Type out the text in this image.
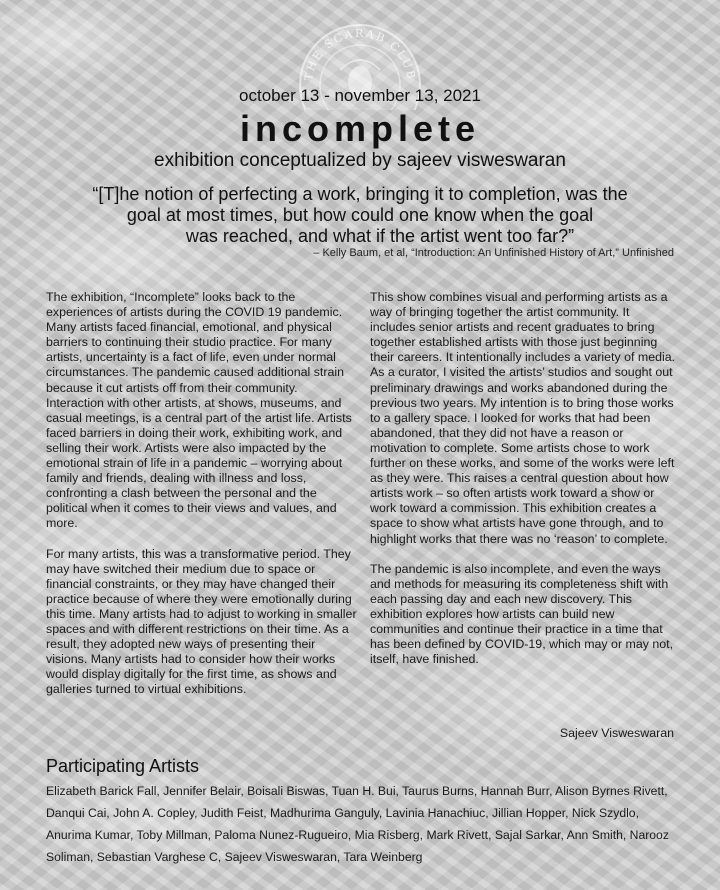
THE SCARAB CLUB
october 13 - november 13, 2021
incomplete
exhibition conceptualized by sajeev visweswaran
“[T]he notion of perfecting a work, bringing it to completion, was the
goal at most times, but how could one know when the goal
was reached, and what if the artist went too far?”
– Kelly Baum, et al, “Introduction: An Unfinished History of Art,” Unfinished

The exhibition, “Incomplete” looks back to the experiences of artists during the COVID 19 pandemic. Many artists faced financial, emotional, and physical barriers to continuing their studio practice. For many artists, uncertainty is a fact of life, even under normal circumstances. The pandemic caused additional strain because it cut artists off from their community. Interaction with other artists, at shows, museums, and casual meetings, is a central part of the artist life. Artists faced barriers in doing their work, exhibiting work, and selling their work. Artists were also impacted by the emotional strain of life in a pandemic – worrying about family and friends, dealing with illness and loss, confronting a clash between the personal and the political when it comes to their views and values, and more.

For many artists, this was a transformative period. They may have switched their medium due to space or financial constraints, or they may have changed their practice because of where they were emotionally during this time. Many artists had to adjust to working in smaller spaces and with different restrictions on their time. As a result, they adopted new ways of presenting their visions. Many artists had to consider how their works would display digitally for the first time, as shows and galleries turned to virtual exhibitions.

This show combines visual and performing artists as a way of bringing together the artist community. It includes senior artists and recent graduates to bring together established artists with those just beginning their careers. It intentionally includes a variety of media. As a curator, I visited the artists’ studios and sought out preliminary drawings and works abandoned during the previous two years. My intention is to bring those works to a gallery space. I looked for works that had been abandoned, that they did not have a reason or motivation to complete. Some artists chose to work further on these works, and some of the works were left as they were. This raises a central question about how artists work – so often artists work toward a show or work toward a commission. This exhibition creates a space to show what artists have gone through, and to highlight works that there was no ‘reason’ to complete.

The pandemic is also incomplete, and even the ways and methods for measuring its completeness shift with each passing day and each new discovery. This exhibition explores how artists can build new communities and continue their practice in a time that has been defined by COVID-19, which may or may not, itself, have finished.

Sajeev Visweswaran
Participating Artists
Elizabeth Barick Fall, Jennifer Belair, Boisali Biswas, Tuan H. Bui, Taurus Burns, Hannah Burr, Alison Byrnes Rivett, Danqui Cai, John A. Copley, Judith Feist, Madhurima Ganguly, Lavinia Hanachiuc, Jillian Hopper, Nick Szydlo, Anurima Kumar, Toby Millman, Paloma Nunez-Rugueiro, Mia Risberg, Mark Rivett, Sajal Sarkar, Ann Smith, Narooz Soliman, Sebastian Varghese C, Sajeev Visweswaran, Tara Weinberg
